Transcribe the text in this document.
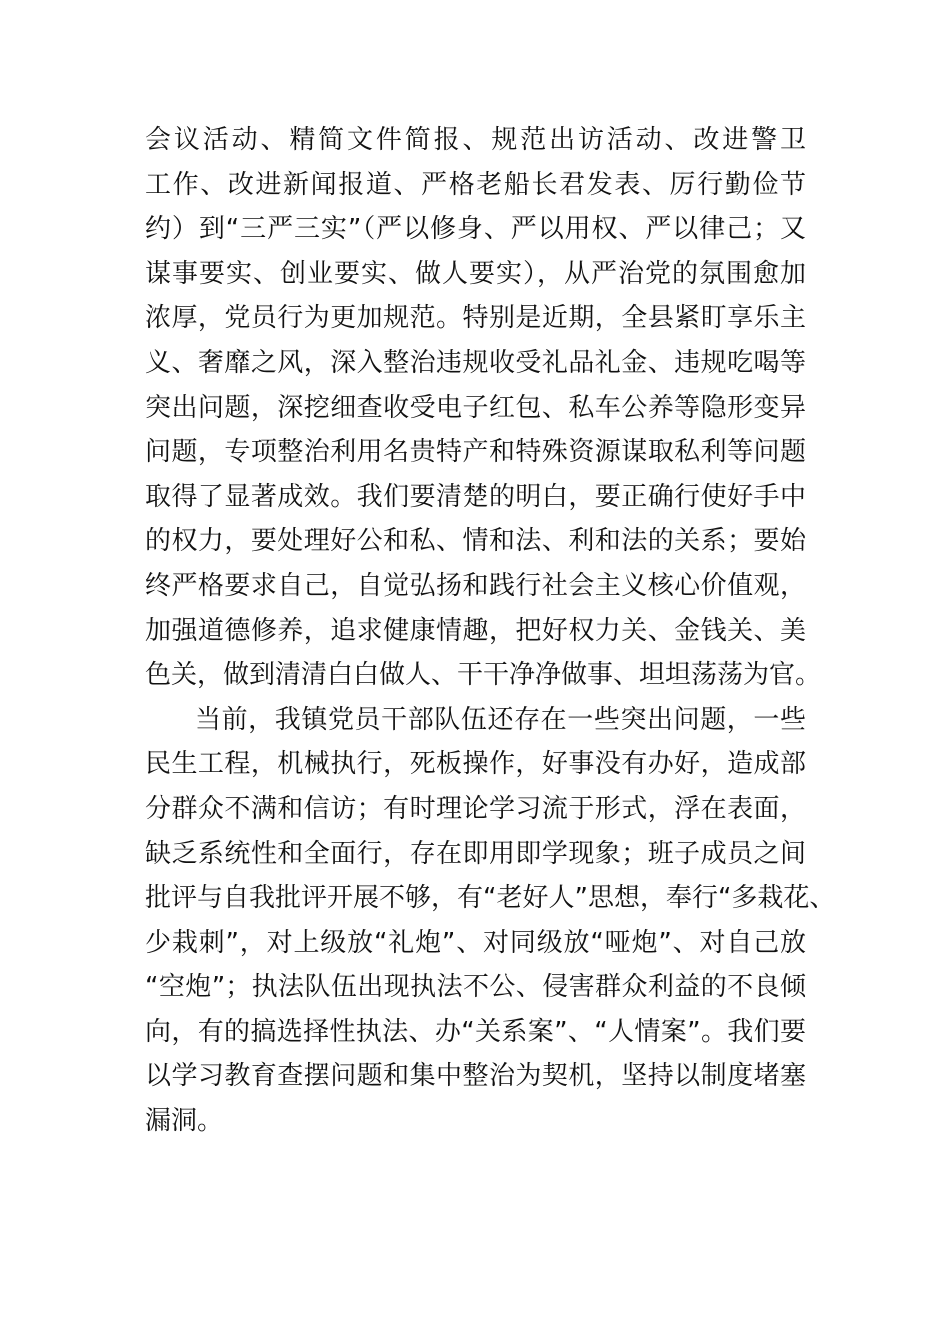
会议活动、精简文件简报、规范出访活动、改进警卫
工作、改进新闻报道、严格老船长君发表、厉行勤俭节
约）到“三严三实”（严以修身、严以用权、严以律己；又
谋事要实、创业要实、做人要实），从严治党的氛围愈加
浓厚，党员行为更加规范。特别是近期，全县紧盯享乐主
义、奢靡之风，深入整治违规收受礼品礼金、违规吃喝等
突出问题，深挖细查收受电子红包、私车公养等隐形变异
问题，专项整治利用名贵特产和特殊资源谋取私利等问题
取得了显著成效。我们要清楚的明白，要正确行使好手中
的权力，要处理好公和私、情和法、利和法的关系；要始
终严格要求自己，自觉弘扬和践行社会主义核心价值观，
加强道德修养，追求健康情趣，把好权力关、金钱关、美
色关，做到清清白白做人、干干净净做事、坦坦荡荡为官。
当前，我镇党员干部队伍还存在一些突出问题，一些
民生工程，机械执行，死板操作，好事没有办好，造成部
分群众不满和信访；有时理论学习流于形式，浮在表面，
缺乏系统性和全面行，存在即用即学现象；班子成员之间
批评与自我批评开展不够，有“老好人”思想，奉行“多栽花、
少栽刺”，对上级放“礼炮”、对同级放“哑炮”、对自己放
“空炮”；执法队伍出现执法不公、侵害群众利益的不良倾
向，有的搞选择性执法、办“关系案”、“人情案”。我们要
以学习教育查摆问题和集中整治为契机，坚持以制度堵塞
漏洞。
